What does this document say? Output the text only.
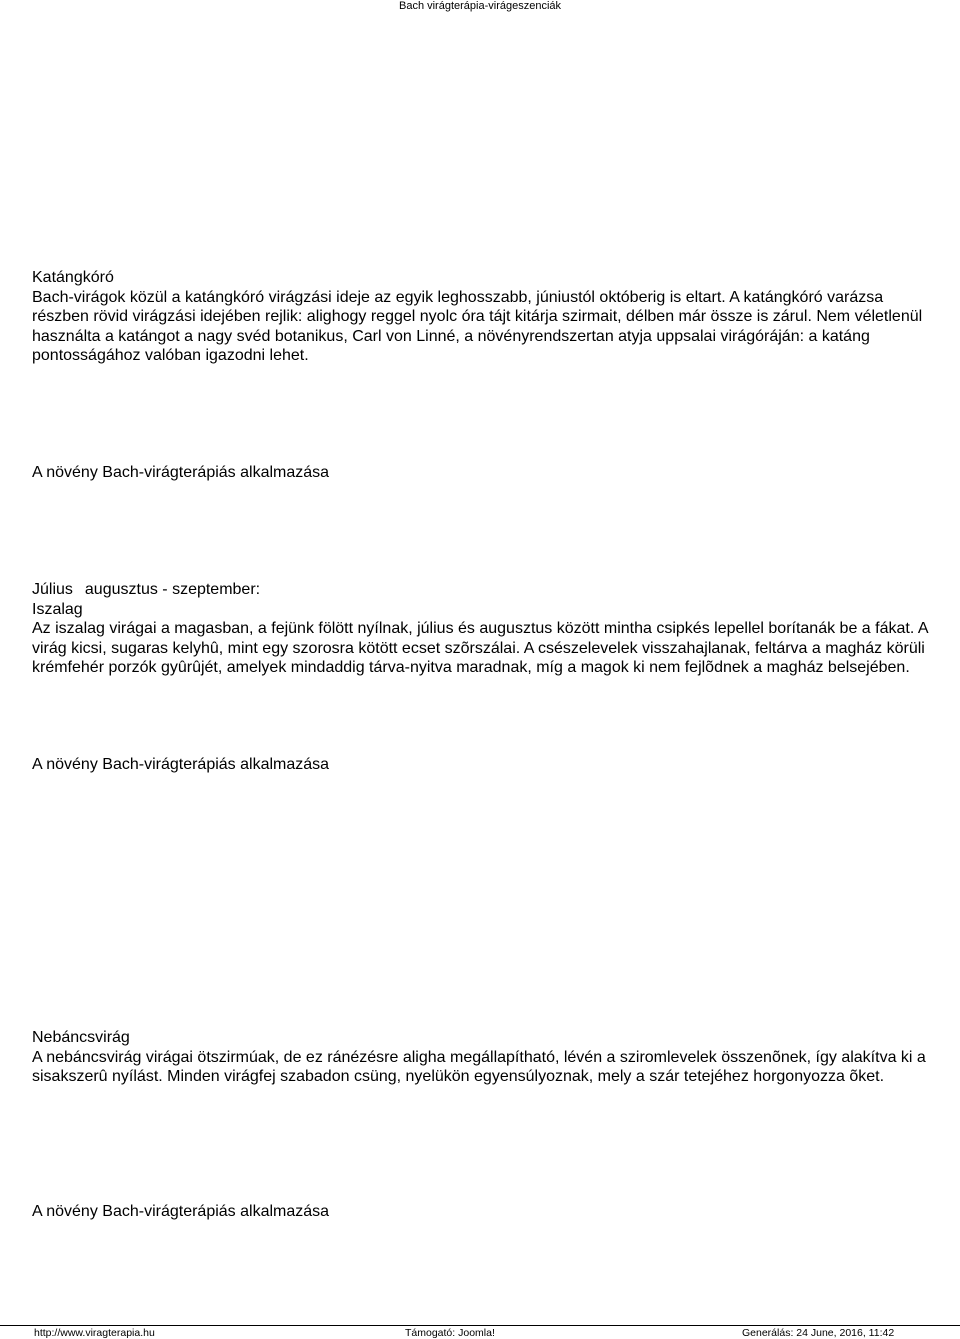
Bach virágterápia-virágeszenciák

Katángkóró

Bach-virágok közül a katángkóró virágzási ideje az egyik leghosszabb, júniustól októberig is eltart. A katángkóró varázsa részben rövid virágzási idejében rejlik: alighogy reggel nyolc óra tájt kitárja szirmait, délben már össze is zárul. Nem véletlenül használta a katángot a nagy svéd botanikus, Carl von Linné, a növényrendszertan atyja uppsalai virágóráján: a katáng pontosságához valóban igazodni lehet.

A növény Bach-virágterápiás alkalmazása

Július augusztus - szeptember:

Iszalag

Az iszalag virágai a magasban, a fejünk fölött nyílnak, július és augusztus között mintha csipkés lepellel borítanák be a fákat. A virág kicsi, sugaras kelyhû, mint egy szorosra kötött ecset szõrszálai. A csészelevelek visszahajlanak, feltárva a magház körüli krémfehér porzók gyûrûjét, amelyek mindaddig tárva-nyitva maradnak, míg a magok ki nem fejlõdnek a magház belsejében.

A növény Bach-virágterápiás alkalmazása

Nebáncsvirág

A nebáncsvirág virágai ötszirmúak, de ez ránézésre aligha megállapítható, lévén a sziromlevelek összenõnek, így alakítva ki a sisakszerû nyílást. Minden virágfej szabadon csüng, nyelükön egyensúlyoznak, mely a szár tetejéhez horgonyozza õket.

A növény Bach-virágterápiás alkalmazása

http://www.viragterapia.hu	Támogató: Joomla!	Generálás: 24 June, 2016, 11:42
